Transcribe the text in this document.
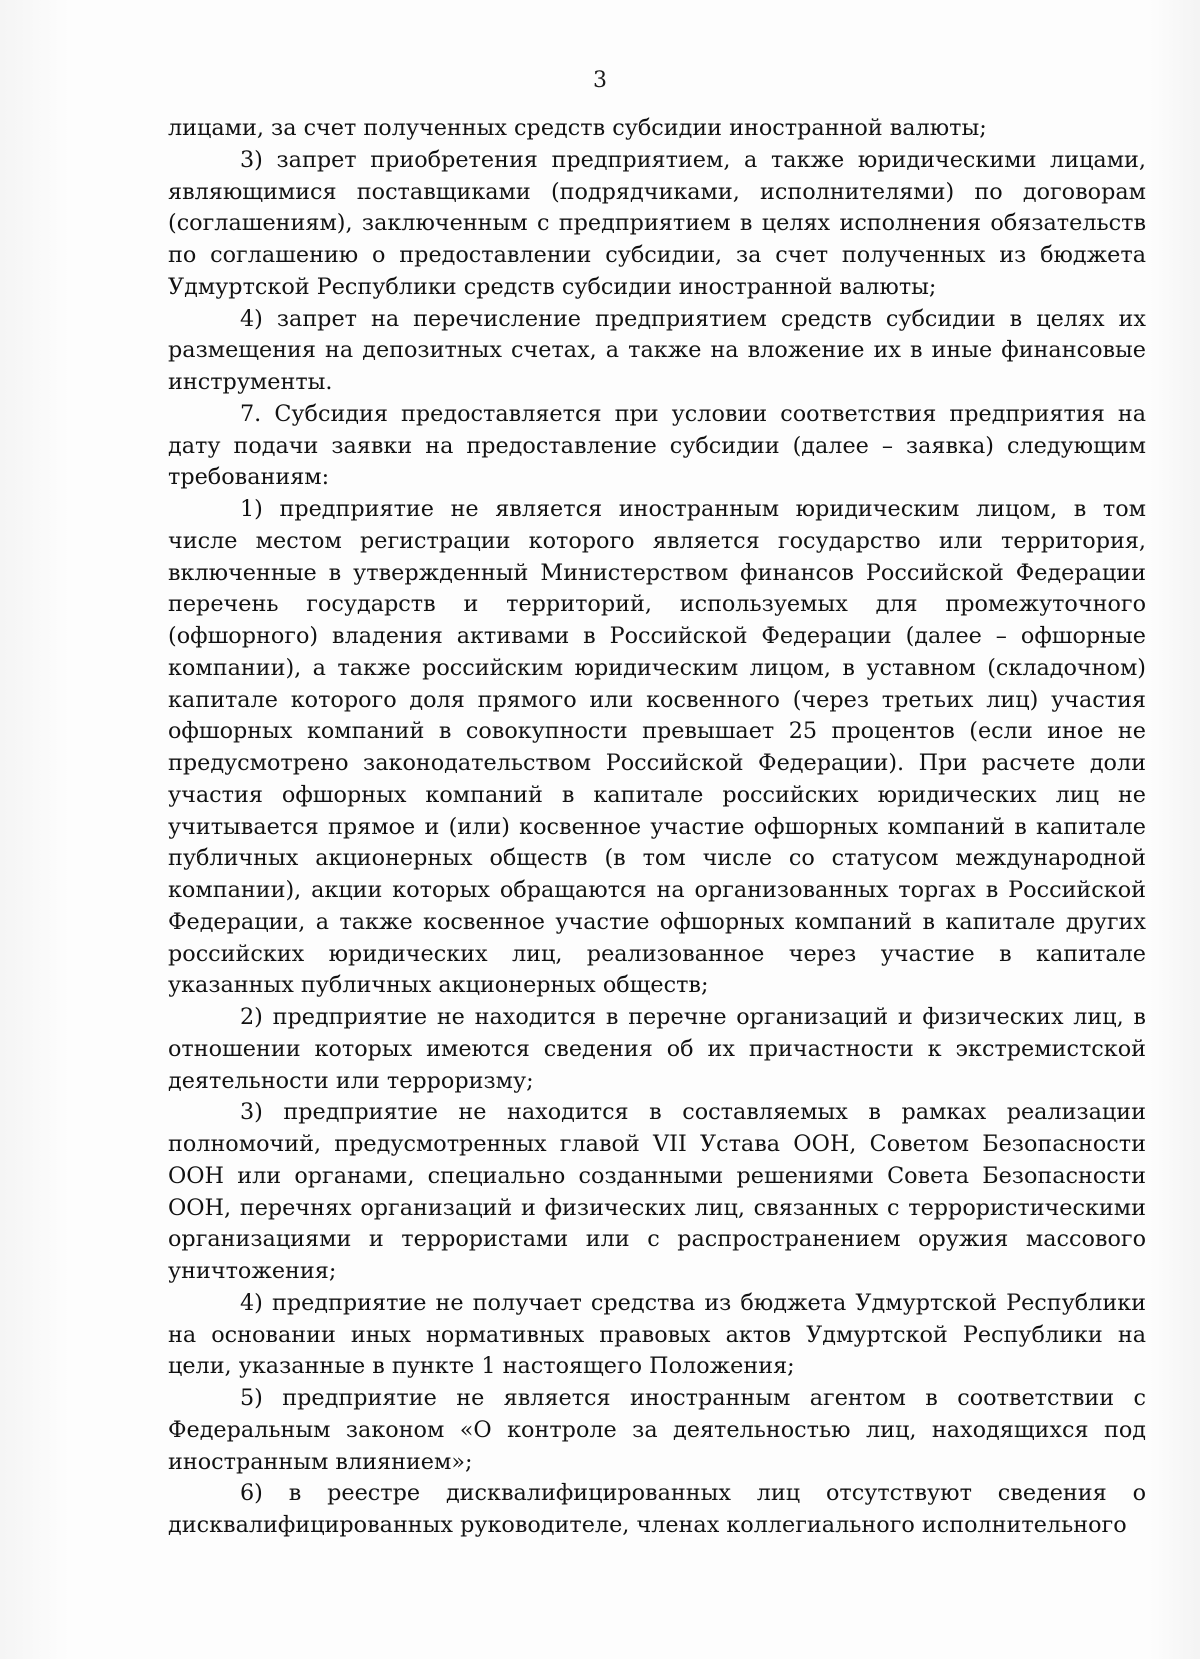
3

лицами, за счет полученных средств субсидии иностранной валюты;

3) запрет приобретения предприятием, а также юридическими лицами, являющимися поставщиками (подрядчиками, исполнителями) по договорам (соглашениям), заключенным с предприятием в целях исполнения обязательств по соглашению о предоставлении субсидии, за счет полученных из бюджета Удмуртской Республики средств субсидии иностранной валюты;

4) запрет на перечисление предприятием средств субсидии в целях их размещения на депозитных счетах, а также на вложение их в иные финансовые инструменты.

7. Субсидия предоставляется при условии соответствия предприятия на дату подачи заявки на предоставление субсидии (далее – заявка) следующим требованиям:

1) предприятие не является иностранным юридическим лицом, в том числе местом регистрации которого является государство или территория, включенные в утвержденный Министерством финансов Российской Федерации перечень государств и территорий, используемых для промежуточного (офшорного) владения активами в Российской Федерации (далее – офшорные компании), а также российским юридическим лицом, в уставном (складочном) капитале которого доля прямого или косвенного (через третьих лиц) участия офшорных компаний в совокупности превышает 25 процентов (если иное не предусмотрено законодательством Российской Федерации). При расчете доли участия офшорных компаний в капитале российских юридических лиц не учитывается прямое и (или) косвенное участие офшорных компаний в капитале публичных акционерных обществ (в том числе со статусом международной компании), акции которых обращаются на организованных торгах в Российской Федерации, а также косвенное участие офшорных компаний в капитале других российских юридических лиц, реализованное через участие в капитале указанных публичных акционерных обществ;

2) предприятие не находится в перечне организаций и физических лиц, в отношении которых имеются сведения об их причастности к экстремистской деятельности или терроризму;

3) предприятие не находится в составляемых в рамках реализации полномочий, предусмотренных главой VII Устава ООН, Советом Безопасности ООН или органами, специально созданными решениями Совета Безопасности ООН, перечнях организаций и физических лиц, связанных с террористическими организациями и террористами или с распространением оружия массового уничтожения;

4) предприятие не получает средства из бюджета Удмуртской Республики на основании иных нормативных правовых актов Удмуртской Республики на цели, указанные в пункте 1 настоящего Положения;

5) предприятие не является иностранным агентом в соответствии с Федеральным законом «О контроле за деятельностью лиц, находящихся под иностранным влиянием»;

6) в реестре дисквалифицированных лиц отсутствуют сведения о дисквалифицированных руководителе, членах коллегиального исполнительного
